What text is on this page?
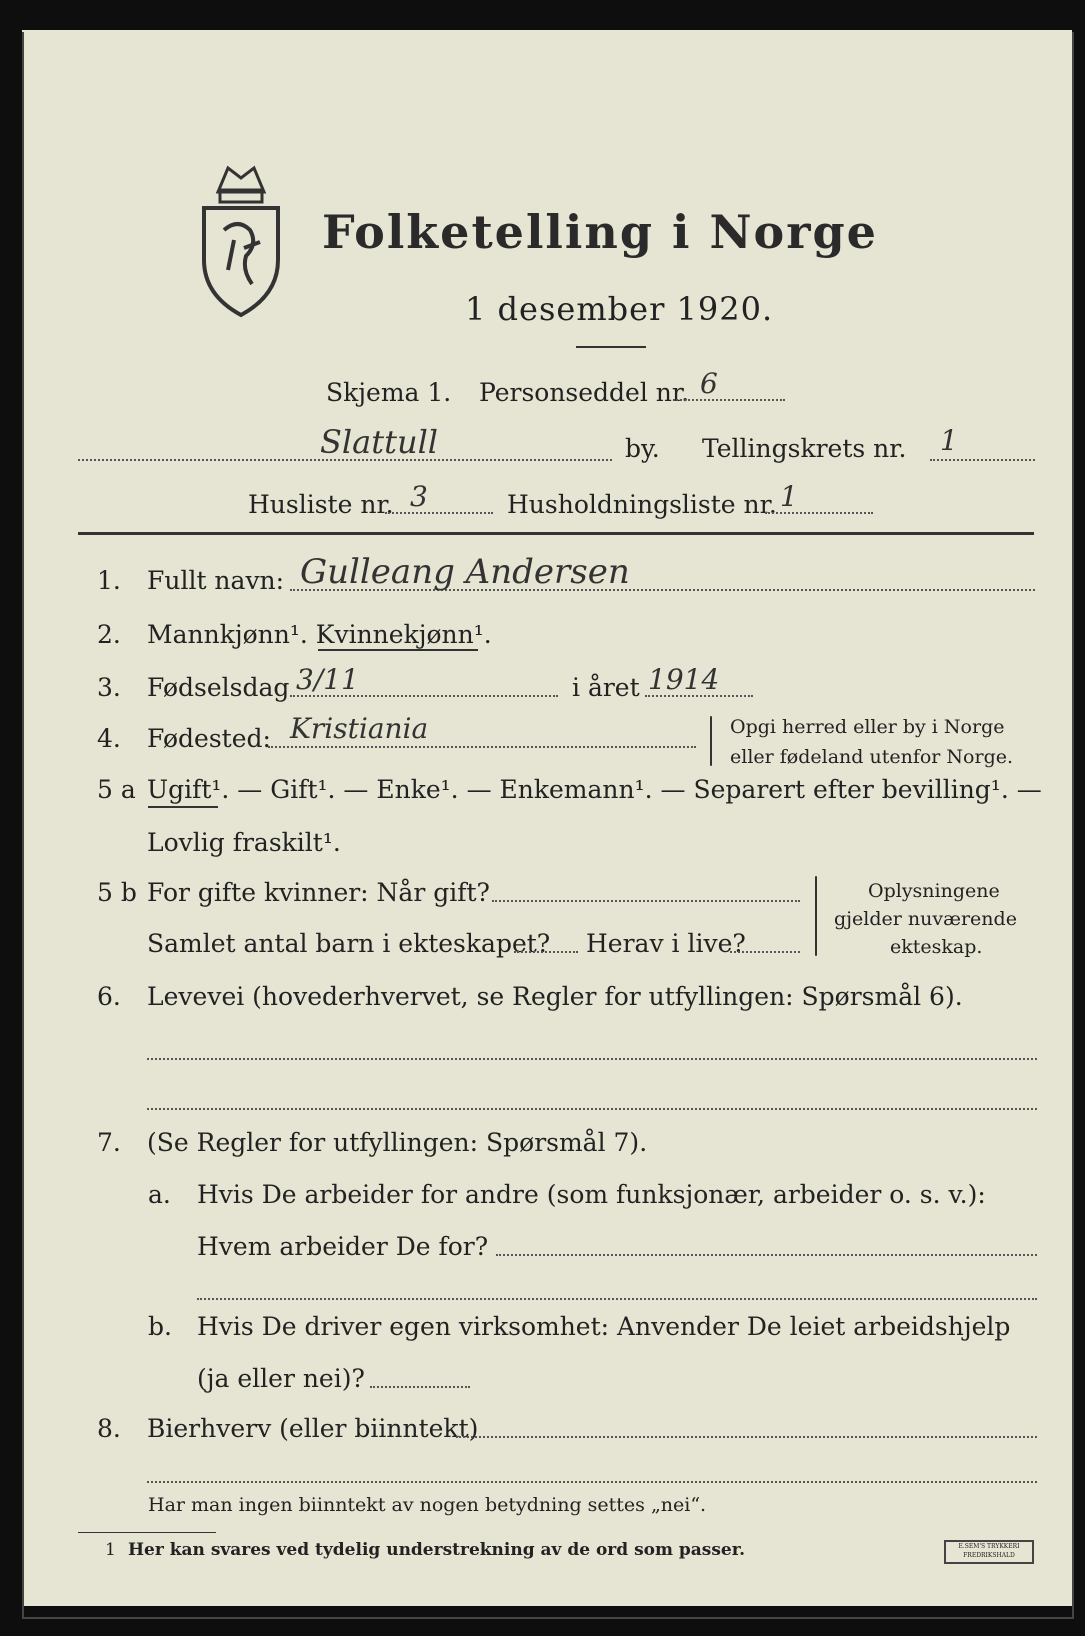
Folketelling i Norge
1 desember 1920.
Skjema 1. Personseddel nr. 6
Slattull	by. Tellingskrets nr. 1
Husliste nr. 3	Husholdningsliste nr. 1
1. Fullt navn: Gulleang Andersen
2. Mannkjønn¹. Kvinnekjønn¹.
3. Fødselsdag 3/11	i året 1914
4. Fødested: Kristiania	Opgi herred eller by i Norge
eller fødeland utenfor Norge.
5 a Ugift¹. — Gift¹. — Enke¹. — Enkemann¹. — Separert efter bevilling¹. —
Lovlig fraskilt¹.
5 b For gifte kvinner: Når gift?
Samlet antal barn i ekteskapet? Herav i live?
Oplysningene
gjelder nuværende
ekteskap.
6. Levevei (hovederhvervet, se Regler for utfyllingen: Spørsmål 6).
7. (Se Regler for utfyllingen: Spørsmål 7).
a. Hvis De arbeider for andre (som funksjonær, arbeider o. s. v.):
Hvem arbeider De for?
b. Hvis De driver egen virksomhet: Anvender De leiet arbeidshjelp
(ja eller nei)?
8. Bierhverv (eller biinntekt)
Har man ingen biinntekt av nogen betydning settes „nei“.
1 Her kan svares ved tydelig understrekning av de ord som passer.	E.SEM'S TRYKKERI
FREDRIKSHALD
